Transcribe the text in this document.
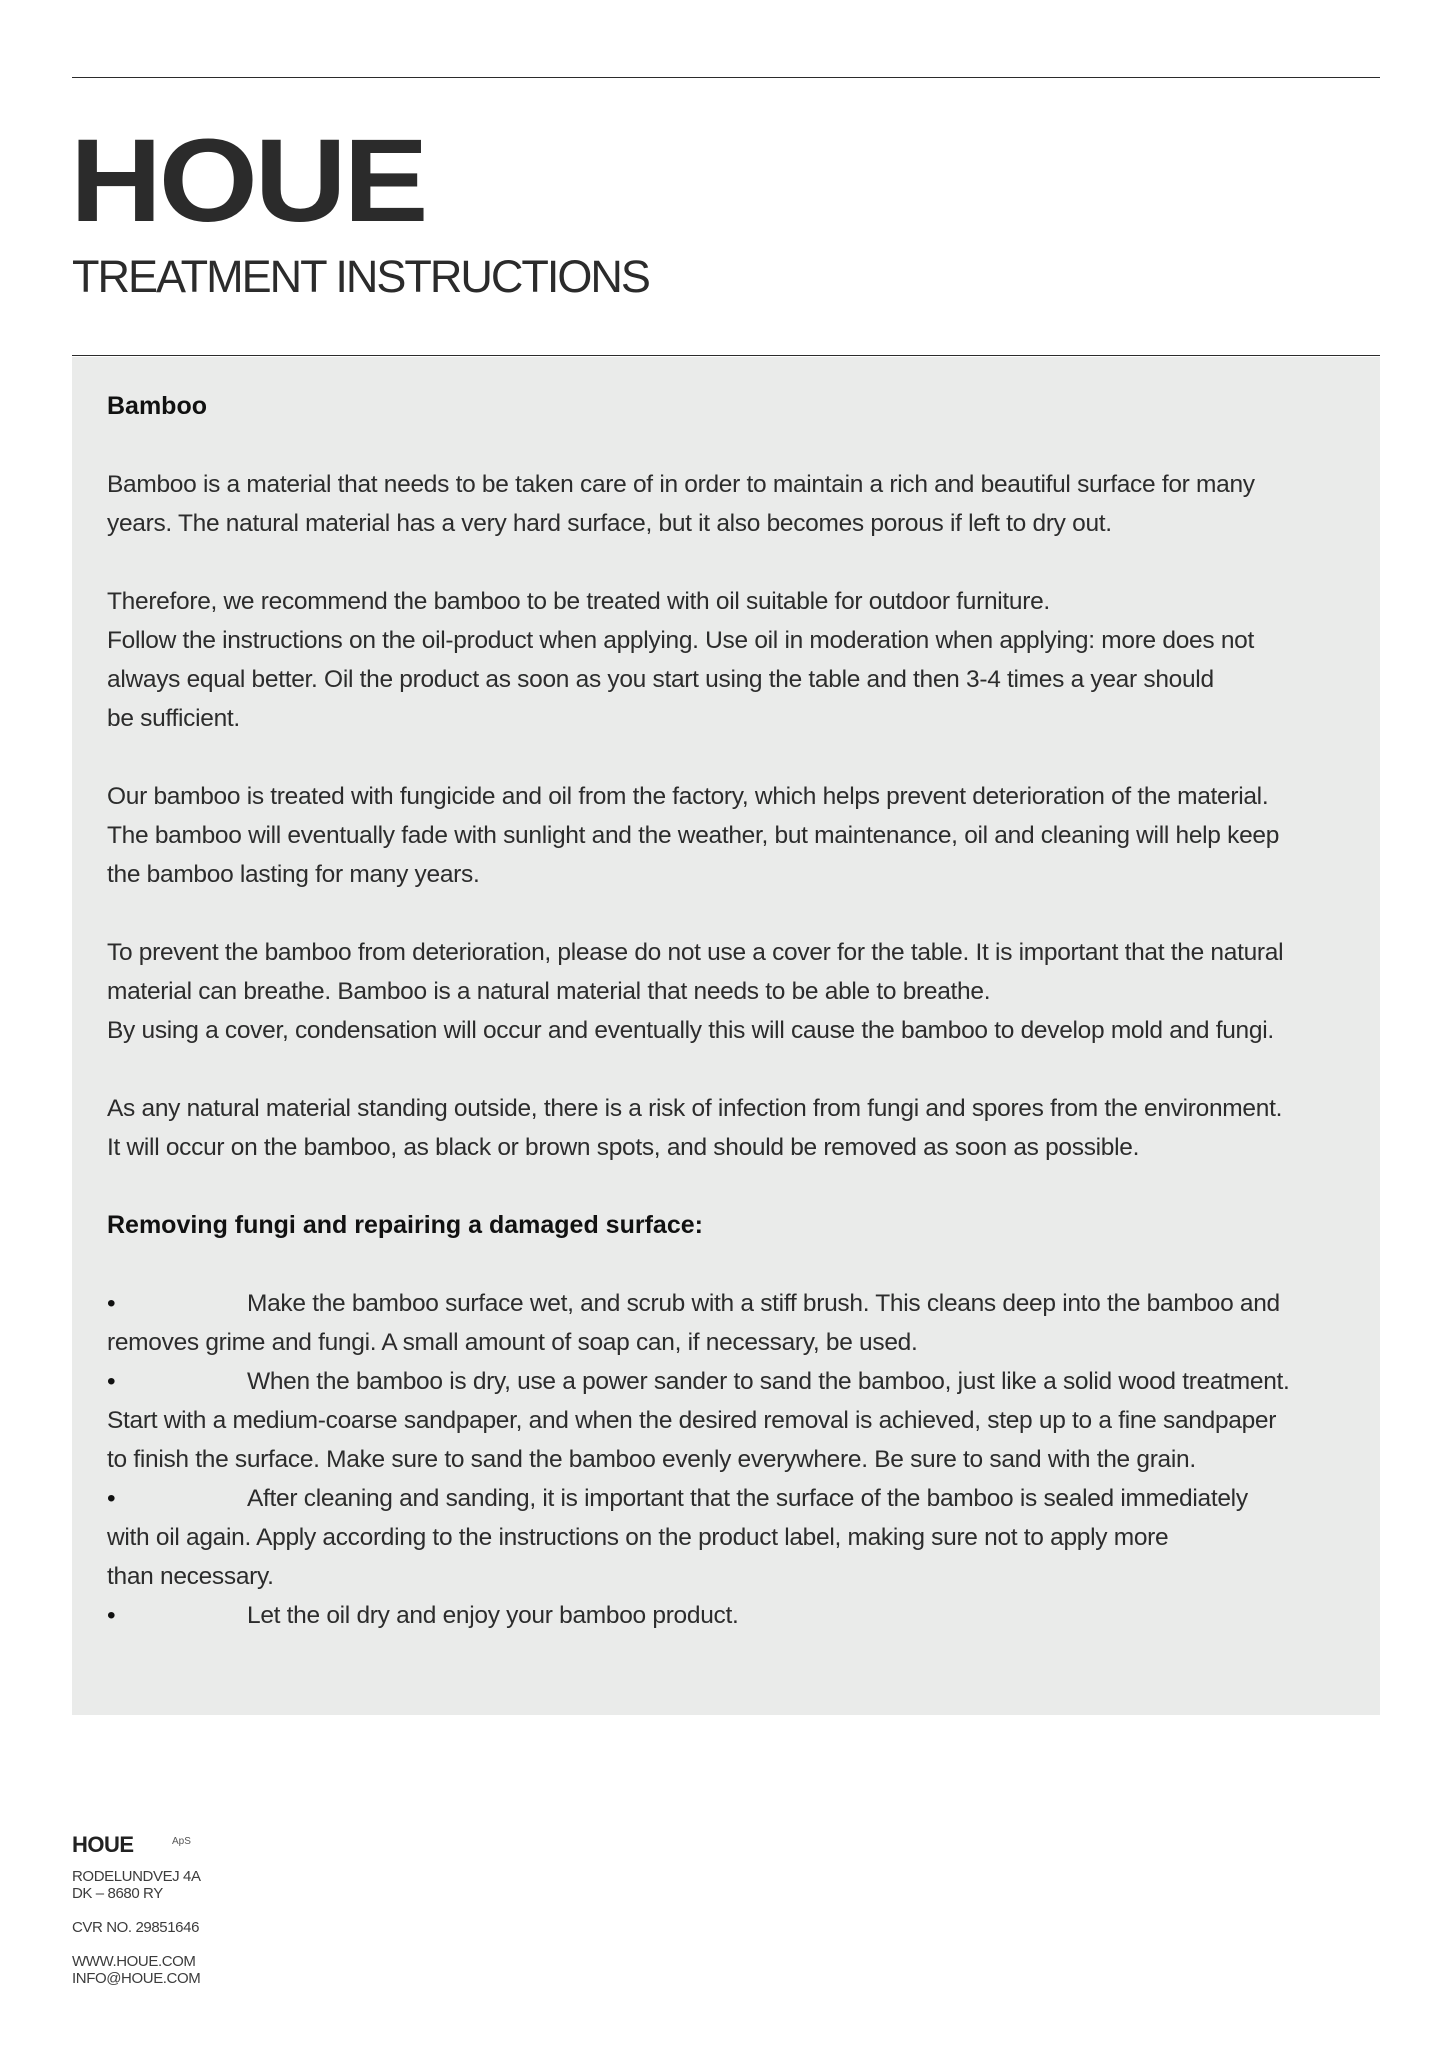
HOUE
TREATMENT INSTRUCTIONS
Bamboo

Bamboo is a material that needs to be taken care of in order to maintain a rich and beautiful surface for many
years. The natural material has a very hard surface, but it also becomes porous if left to dry out.

Therefore, we recommend the bamboo to be treated with oil suitable for outdoor furniture.
Follow the instructions on the oil-product when applying. Use oil in moderation when applying: more does not
always equal better. Oil the product as soon as you start using the table and then 3-4 times a year should
be sufficient.

Our bamboo is treated with fungicide and oil from the factory, which helps prevent deterioration of the material.
The bamboo will eventually fade with sunlight and the weather, but maintenance, oil and cleaning will help keep
the bamboo lasting for many years.

To prevent the bamboo from deterioration, please do not use a cover for the table. It is important that the natural
material can breathe. Bamboo is a natural material that needs to be able to breathe.
By using a cover, condensation will occur and eventually this will cause the bamboo to develop mold and fungi.

As any natural material standing outside, there is a risk of infection from fungi and spores from the environment.
It will occur on the bamboo, as black or brown spots, and should be removed as soon as possible.

Removing fungi and repairing a damaged surface:

•	Make the bamboo surface wet, and scrub with a stiff brush. This cleans deep into the bamboo and

removes grime and fungi. A small amount of soap can, if necessary, be used.

•	When the bamboo is dry, use a power sander to sand the bamboo, just like a solid wood treatment.

Start with a medium-coarse sandpaper, and when the desired removal is achieved, step up to a fine sandpaper
to finish the surface. Make sure to sand the bamboo evenly everywhere. Be sure to sand with the grain.

•	After cleaning and sanding, it is important that the surface of the bamboo is sealed immediately

with oil again. Apply according to the instructions on the product label, making sure not to apply more
than necessary.

•	Let the oil dry and enjoy your bamboo product.

HOUE	ApS
RODELUNDVEJ 4A
DK – 8680 RY
CVR NO. 29851646
WWW.HOUE.COM
INFO@HOUE.COM
